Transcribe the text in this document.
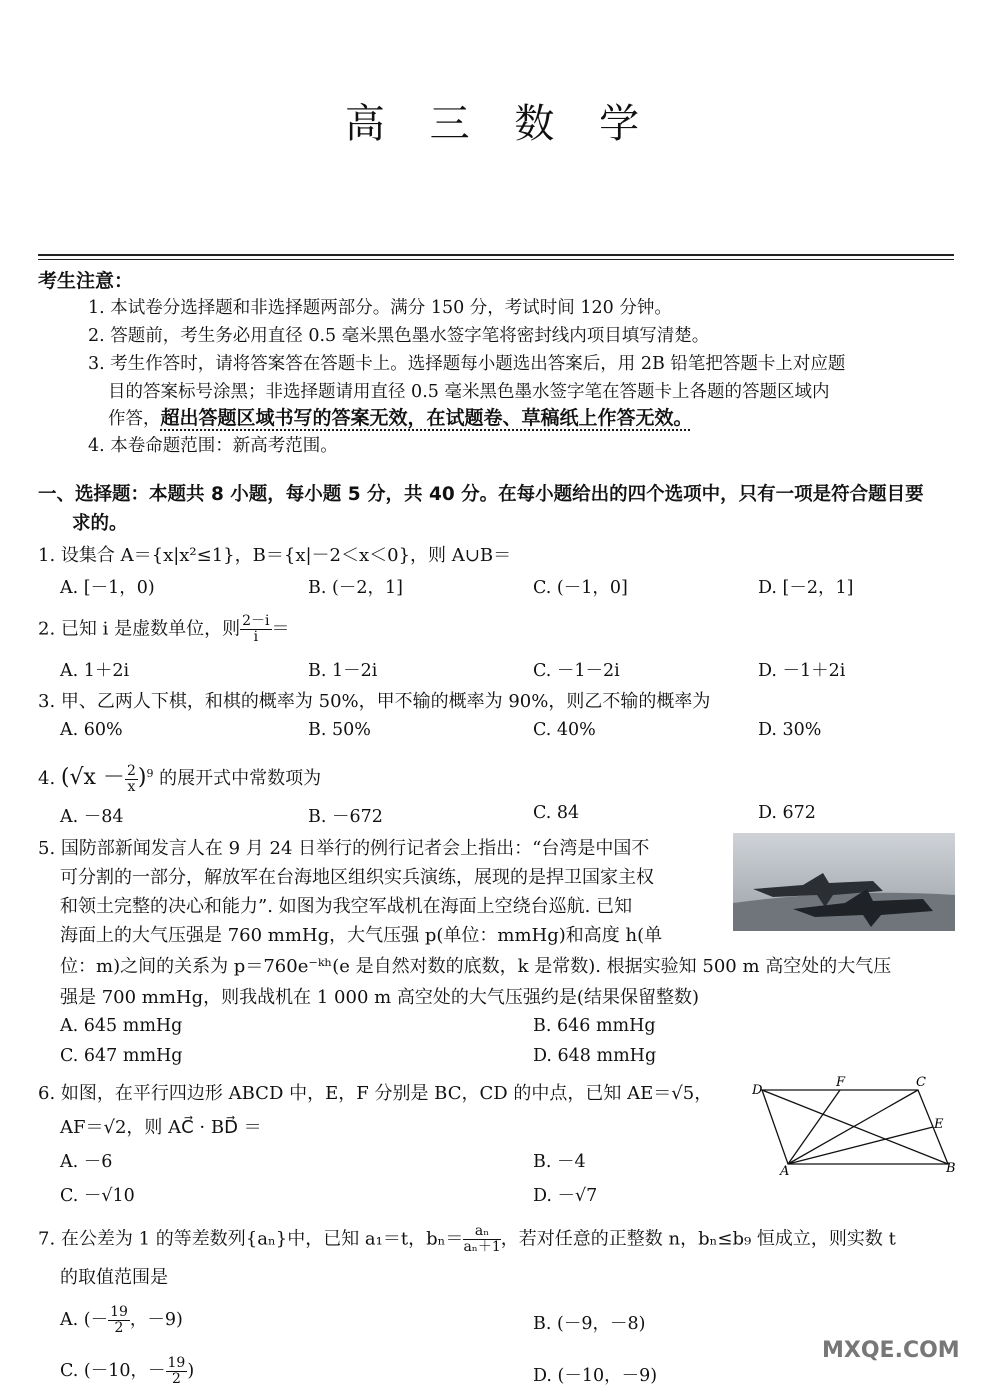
高 三 数 学
考生注意：
1. 本试卷分选择题和非选择题两部分。满分 150 分，考试时间 120 分钟。
2. 答题前，考生务必用直径 0.5 毫米黑色墨水签字笔将密封线内项目填写清楚。
3. 考生作答时，请将答案答在答题卡上。选择题每小题选出答案后，用 2B 铅笔把答题卡上对应题
目的答案标号涂黑；非选择题请用直径 0.5 毫米黑色墨水签字笔在答题卡上各题的答题区域内
作答，超出答题区域书写的答案无效，在试题卷、草稿纸上作答无效。
4. 本卷命题范围：新高考范围。
一、选择题：本题共 8 小题，每小题 5 分，共 40 分。在每小题给出的四个选项中，只有一项是符合题目要
求的。
1. 设集合 A＝{x|x²≤1}，B＝{x|－2＜x＜0}，则 A∪B＝
A. [－1，0)	B. (－2，1]	C. (－1，0]	D. [－2，1]
2. 已知 i 是虚数单位，则 $\frac{2-i}{i}$ ＝
A. 1＋2i	B. 1－2i	C. －1－2i	D. －1＋2i
3. 甲、乙两人下棋，和棋的概率为 50%，甲不输的概率为 90%，则乙不输的概率为
A. 60%	B. 50%	C. 40%	D. 30%
4. $(√x - \frac{2}{x} )^9$ 的展开式中常数项为
A. －84	B. －672	C. 84	D. 672
5. 国防部新闻发言人在 9 月 24 日举行的例行记者会上指出：“台湾是中国不
可分割的一部分，解放军在台海地区组织实兵演练，展现的是捍卫国家主权
和领土完整的决心和能力”. 如图为我空军战机在海面上空绕台巡航. 已知
海面上的大气压强是 760 mmHg，大气压强 p(单位：mmHg)和高度 h(单
位：m)之间的关系为 p＝760e⁻ᵏʰ(e 是自然对数的底数，k 是常数). 根据实验知 500 m 高空处的大气压
强是 700 mmHg，则我战机在 1 000 m 高空处的大气压强约是(结果保留整数)
A. 645 mmHg	B. 646 mmHg
C. 647 mmHg	D. 648 mmHg
6. 如图，在平行四边形 ABCD 中，E，F 分别是 BC，CD 的中点，已知 AE＝√5，
AF＝√2，则 AC⃗ · BD⃗ ＝
D
F	C
E
A	B
A. －6	B. －4
C. －√10	D. －√7
7. 在公差为 1 的等差数列{aₙ}中，已知 a₁＝t，$b_n= \frac{\text{aₙ}}{\text{aₙ＋1}}$ ，若对任意的正整数 n，bₙ≤b₉ 恒成立，则实数 t
的取值范围是
A. (－ $\frac{19}{2}$ ，－9)	B. (－9，－8)
C. (－10，－ $\frac{19}{2}$ )	D. (－10，－9)
MXQE.COM
